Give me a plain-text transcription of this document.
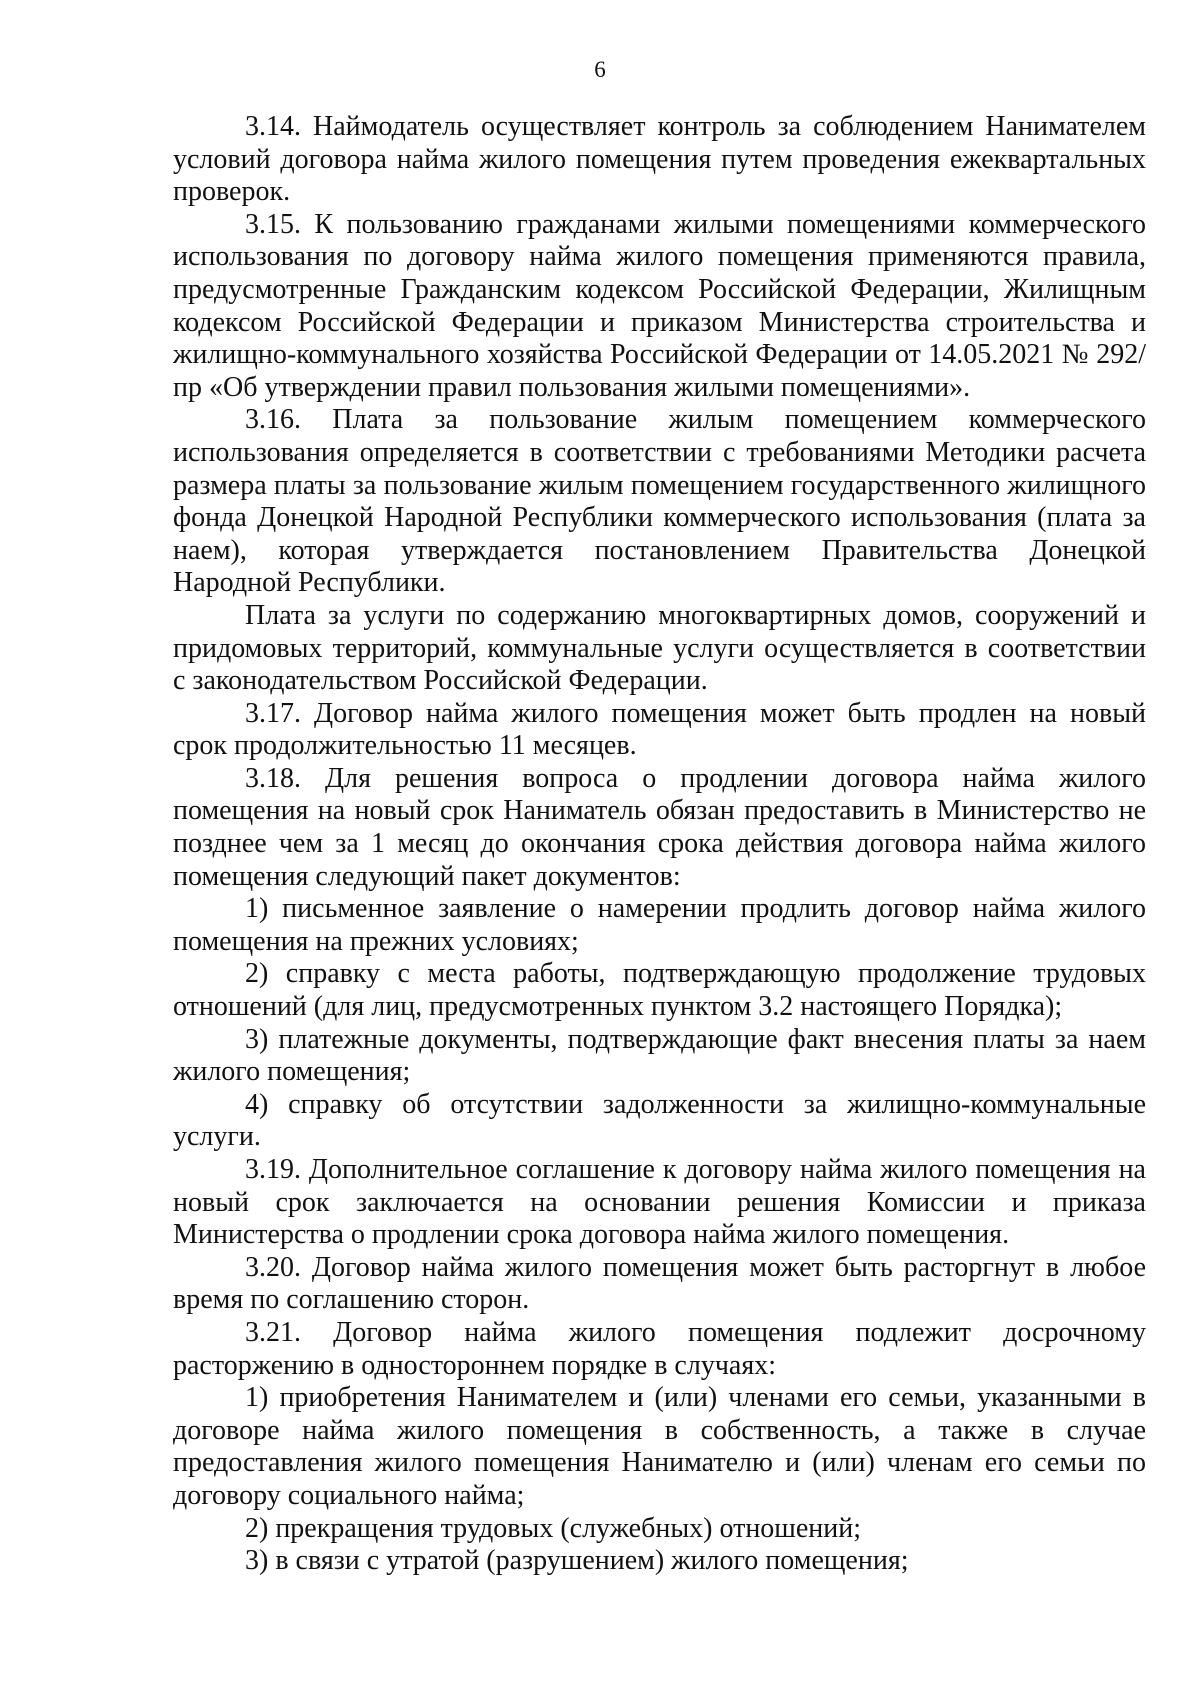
6

3.14. Наймодатель осуществляет контроль за соблюдением Нанимателем условий договора найма жилого помещения путем проведения ежеквартальных проверок.

3.15. К пользованию гражданами жилыми помещениями коммерческого использования по договору найма жилого помещения применяются правила, предусмотренные Гражданским кодексом Российской Федерации, Жилищным кодексом Российской Федерации и приказом Министерства строительства и жилищно-коммунального хозяйства Российской Федерации от 14.05.2021 № 292/пр «Об утверждении правил пользования жилыми помещениями».

3.16. Плата за пользование жилым помещением коммерческого использования определяется в соответствии с требованиями Методики расчета размера платы за пользование жилым помещением государственного жилищного фонда Донецкой Народной Республики коммерческого использования (плата за наем), которая утверждается постановлением Правительства Донецкой Народной Республики.

Плата за услуги по содержанию многоквартирных домов, сооружений и придомовых территорий, коммунальные услуги осуществляется в соответствии с законодательством Российской Федерации.

3.17. Договор найма жилого помещения может быть продлен на новый срок продолжительностью 11 месяцев.

3.18. Для решения вопроса о продлении договора найма жилого помещения на новый срок Наниматель обязан предоставить в Министерство не позднее чем за 1 месяц до окончания срока действия договора найма жилого помещения следующий пакет документов:

1) письменное заявление о намерении продлить договор найма жилого помещения на прежних условиях;

2) справку с места работы, подтверждающую продолжение трудовых отношений (для лиц, предусмотренных пунктом 3.2 настоящего Порядка);

3) платежные документы, подтверждающие факт внесения платы за наем жилого помещения;

4) справку об отсутствии задолженности за жилищно-коммунальные услуги.

3.19. Дополнительное соглашение к договору найма жилого помещения на новый срок заключается на основании решения Комиссии и приказа Министерства о продлении срока договора найма жилого помещения.

3.20. Договор найма жилого помещения может быть расторгнут в любое время по соглашению сторон.

3.21. Договор найма жилого помещения подлежит досрочному расторжению в одностороннем порядке в случаях:

1) приобретения Нанимателем и (или) членами его семьи, указанными в договоре найма жилого помещения в собственность, а также в случае предоставления жилого помещения Нанимателю и (или) членам его семьи по договору социального найма;

2) прекращения трудовых (служебных) отношений;

3) в связи с утратой (разрушением) жилого помещения;
